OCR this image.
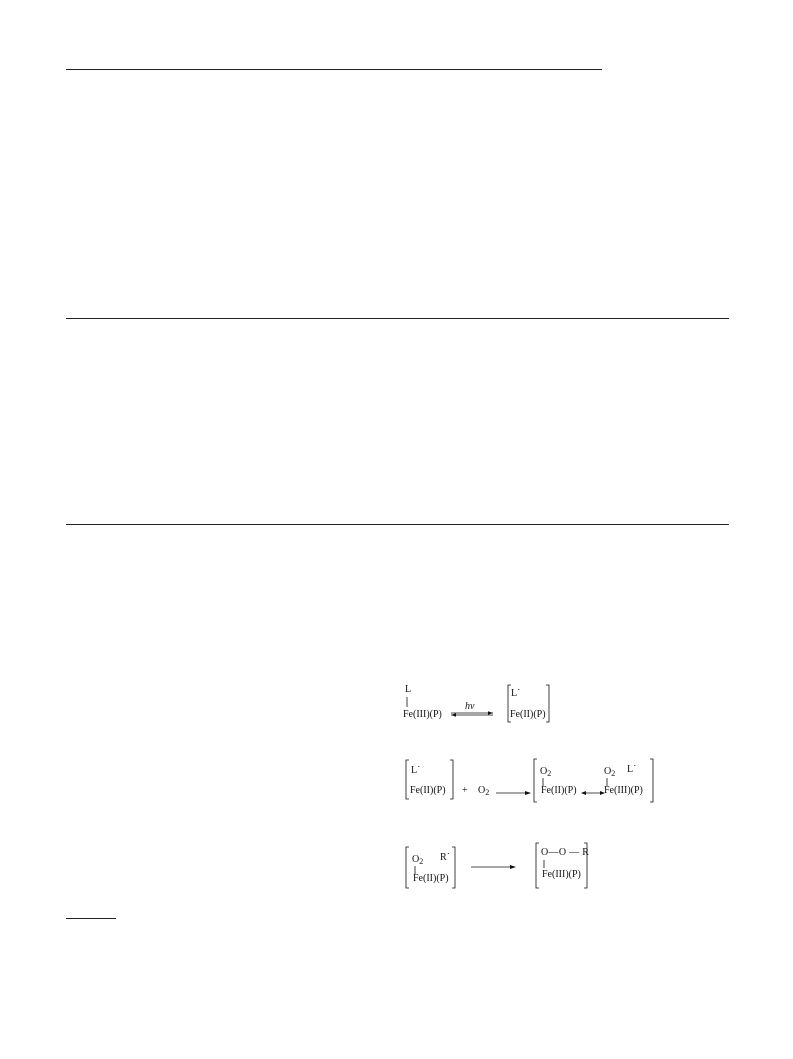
L
Fe(III)(P)
hν
L˙
Fe(II)(P)
L˙
$Fe(II)(P) + O_2$ →
$O_2$
Fe(II)(P)
$O_2$ L˙
Fe(III)(P)
$O_2$ R˙
Fe(II)(P)
O—O — R
Fe(III)(P)
